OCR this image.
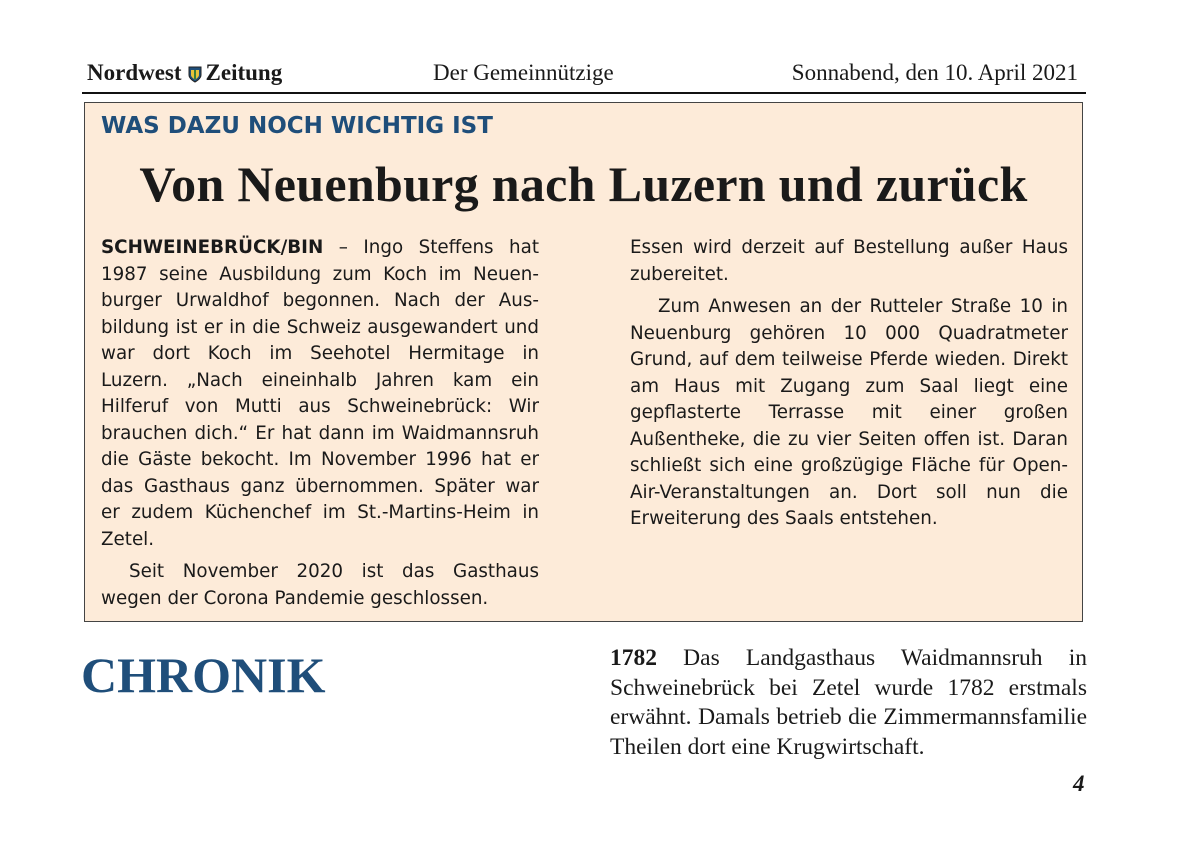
Nordwest Zeitung	Der Gemeinnützige	Sonnabend, den 10. April 2021
WAS DAZU NOCH WICHTIG IST
Von Neuenburg nach Luzern und zurück

SCHWEINEBRÜCK/BIN – Ingo Steffens hat 1987 seine Ausbildung zum Koch im Neuenburger Urwaldhof begonnen. Nach der Ausbildung ist er in die Schweiz ausgewandert und war dort Koch im Seehotel Hermitage in Luzern. „Nach eineinhalb Jahren kam ein Hilferuf von Mutti aus Schweinebrück: Wir brauchen dich.“ Er hat dann im Waidmannsruh die Gäste bekocht. Im November 1996 hat er das Gasthaus ganz übernommen. Später war er zudem Küchenchef im St.-Martins-Heim in Zetel.

Seit November 2020 ist das Gasthaus wegen der Corona Pandemie geschlossen.

Essen wird derzeit auf Bestellung außer Haus zubereitet.

Zum Anwesen an der Rutteler Straße 10 in Neuenburg gehören 10 000 Quadratmeter Grund, auf dem teilweise Pferde wieden. Direkt am Haus mit Zugang zum Saal liegt eine gepflasterte Terrasse mit einer großen Außentheke, die zu vier Seiten offen ist. Daran schließt sich eine großzügige Fläche für Open-Air-Veranstaltungen an. Dort soll nun die Erweiterung des Saals entstehen.

CHRONIK	1782 Das Landgasthaus Waidmannsruh in Schweinebrück bei Zetel wurde 1782 erstmals erwähnt. Damals betrieb die Zimmermannsfamilie Theilen dort eine Krugwirtschaft.
4
